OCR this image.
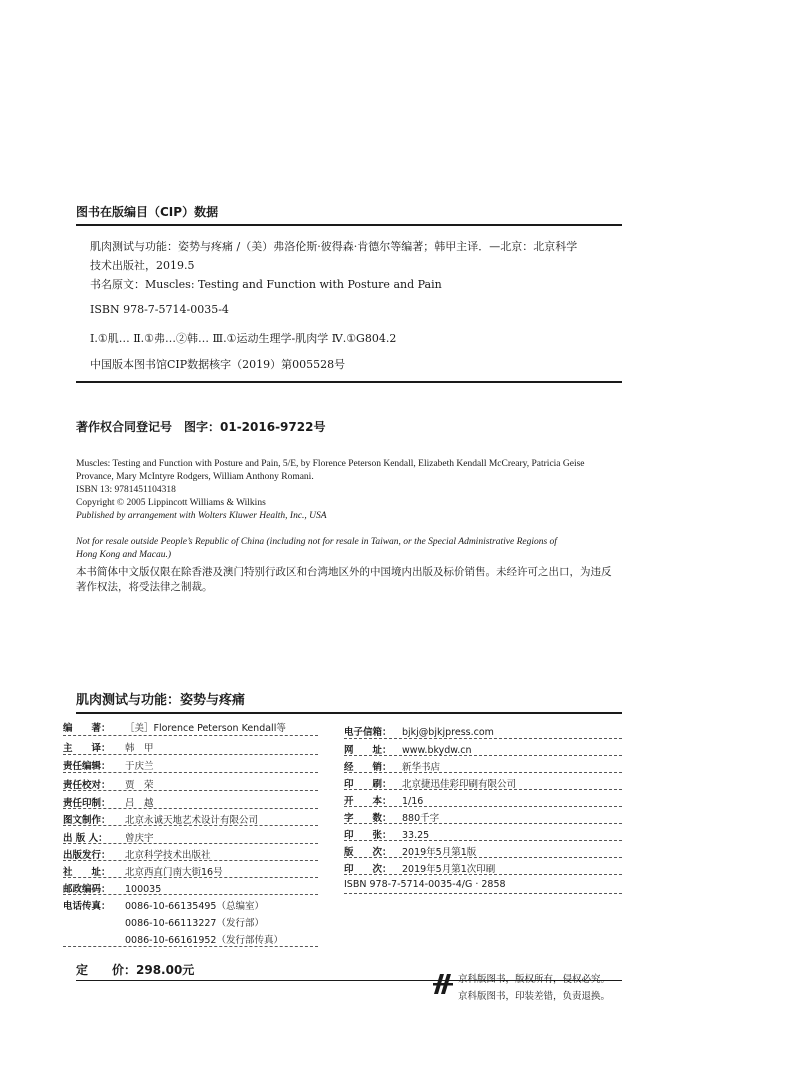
图书在版编目（CIP）数据
肌肉测试与功能：姿势与疼痛 /（美）弗洛伦斯·彼得森·肯德尔等编著；韩甲主译．—北京：北京科学
技术出版社，2019.5
书名原文：Muscles: Testing and Function with Posture and Pain
ISBN 978-7-5714-0035-4
Ⅰ.①肌… Ⅱ.①弗…②韩… Ⅲ.①运动生理学-肌肉学 Ⅳ.①G804.2
中国版本图书馆CIP数据核字（2019）第005528号
著作权合同登记号　图字：01-2016-9722号
Muscles: Testing and Function with Posture and Pain, 5/E, by Florence Peterson Kendall, Elizabeth Kendall McCreary, Patricia Geise
Provance, Mary McIntyre Rodgers, William Anthony Romani.
ISBN 13: 9781451104318
Copyright © 2005 Lippincott Williams & Wilkins
Published by arrangement with Wolters Kluwer Health, Inc., USA
Not for resale outside People’s Republic of China (including not for resale in Taiwan, or the Special Administrative Regions of
Hong Kong and Macau.)
本书简体中文版仅限在除香港及澳门特别行政区和台湾地区外的中国境内出版及标价销售。未经许可之出口，为违反
著作权法，将受法律之制裁。
肌肉测试与功能：姿势与疼痛
编　　著： ［美］Florence Peterson Kendall等
主　　译： 韩　甲
责任编辑： 于庆兰
责任校对： 贾　荣
责任印制： 吕　越
图文制作： 北京永诚天地艺术设计有限公司
出 版 人： 曾庆宇
出版发行： 北京科学技术出版社
社　　址： 北京西直门南大街16号
邮政编码： 100035
电话传真： 0086-10-66135495（总编室）
0086-10-66113227（发行部）
0086-10-66161952（发行部传真）
电子信箱： bjkj@bjkjpress.com
网　　址： www.bkydw.cn
经　　销： 新华书店
印　　刷： 北京捷迅佳彩印刷有限公司
开　　本： 1/16
字　　数： 880千字
印　　张： 33.25
版　　次： 2019年5月第1版
印　　次： 2019年5月第1次印刷
ISBN 978-7-5714-0035-4/G · 2858
定　　价：298.00元
京科版图书，版权所有，侵权必究。
京科版图书，印装差错，负责退换。
